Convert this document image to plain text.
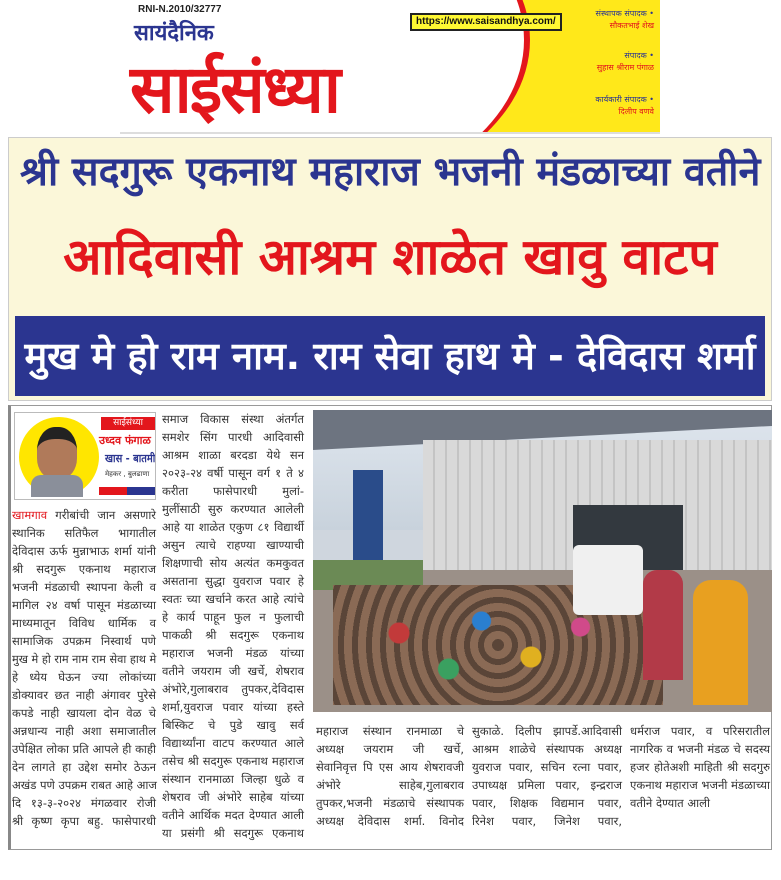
RNI-N.2010/32777
सायंदैनिक
साईसंध्या
https://www.saisandhya.com/
संस्थापक संपादक •
सौकतभाई शेख
संपादक •
सुहास श्रीराम पंगाळ
कार्यकारी संपादक •
दिलीप वणवे
श्री सदगुरू एकनाथ महाराज भजनी मंडळाच्या वतीने
आदिवासी आश्रम शाळेत खावु वाटप
मुख मे हो राम नाम. राम सेवा हाथ मे - देविदास शर्मा
साईसंध्या
उध्दव फंगाळ
खास - बातमी
मेहकर , बुलढाणा
खामगाव गरीबांची जान असणारे
स्थानिक सतिफैल भागातील
देविदास ऊर्फ मुन्नाभाऊ शर्मा यांनी
श्री सदगुरू एकनाथ महाराज
भजनी मंडळाची स्थापना केली व
मागिल २४ वर्षा पासून मंडळाच्या
माध्यमातून विविध धार्मिक व
सामाजिक उपक्रम निस्वार्थ पणे
मुख मे हो राम नाम राम सेवा हाथ मे
हे ध्येय घेऊन ज्या लोकांच्या
डोक्यावर छत नाही अंगावर पुरेसे
कपडे नाही खायला दोन वेळ चे
अन्नधान्य नाही अशा समाजातील
उपेक्षित लोका प्रति आपले ही काही
देन लागते हा उद्देश समोर ठेऊन
अखंड पणे उपक्रम राबत आहे आज
दि १३-३-२०२४ मंगळवार रोजी
श्री कृष्ण कृपा बहु. फासेपारधी
समाज विकास संस्था अंतर्गत
समशेर सिंग पारधी आदिवासी
आश्रम शाळा बरदडा येथे सन
२०२३-२४ वर्षी पासून वर्ग १ ते ४
करीता फासेपारधी मुलां-
मुलींसाठी सुरु करण्यात आलेली
आहे या शाळेत एकुण ८१ विद्यार्थी
असुन त्याचे राहण्या खाण्याची
शिक्षणाची सोय अत्यंत कमकुवत
असताना सुद्धा युवराज पवार हे
स्वतः च्या खर्चाने करत आहे त्यांचे
हे कार्य पाहून फुल न फुलाची
पाकळी श्री सदगुरू एकनाथ
महाराज भजनी मंडळ यांच्या
वतीने जयराम जी खर्चे, शेषराव
अंभोरे,गुलाबराव तुपकर,देविदास
शर्मा,युवराज पवार यांच्या हस्ते
बिस्किट चे पुडे खावु सर्व
विद्यार्थ्यांना वाटप करण्यात आले
तसेच श्री सदगुरू एकनाथ महाराज
संस्थान रानमाळा जिल्हा धुळे व
शेषराव जी अंभोरे साहेब यांच्या
वतीने आर्थिक मदत देण्यात आली
या प्रसंगी श्री सदगुरू एकनाथ
महाराज संस्थान रानमाळा चे
अध्यक्ष जयराम जी खर्चे,
सेवानिवृत्त पि एस आय शेषरावजी
अंभोरे साहेब,गुलाबराव
तुपकर,भजनी मंडळाचे संस्थापक
अध्यक्ष देविदास शर्मा. विनोद
सुकाळे. दिलीप झापर्डे.आदिवासी
आश्रम शाळेचे संस्थापक अध्यक्ष
युवराज पवार, सचिन रत्ना पवार,
उपाध्यक्ष प्रमिला पवार, इन्द्रराज
पवार, शिक्षक विद्यमान पवार,
रिनेश पवार, जिनेश पवार,
धर्मराज पवार, व परिसरातील
नागरिक व भजनी मंडळ चे सदस्य
हजर होतेअशी माहिती श्री सदगुरु
एकनाथ महाराज भजनी मंडळाच्या
वतीने देण्यात आली
